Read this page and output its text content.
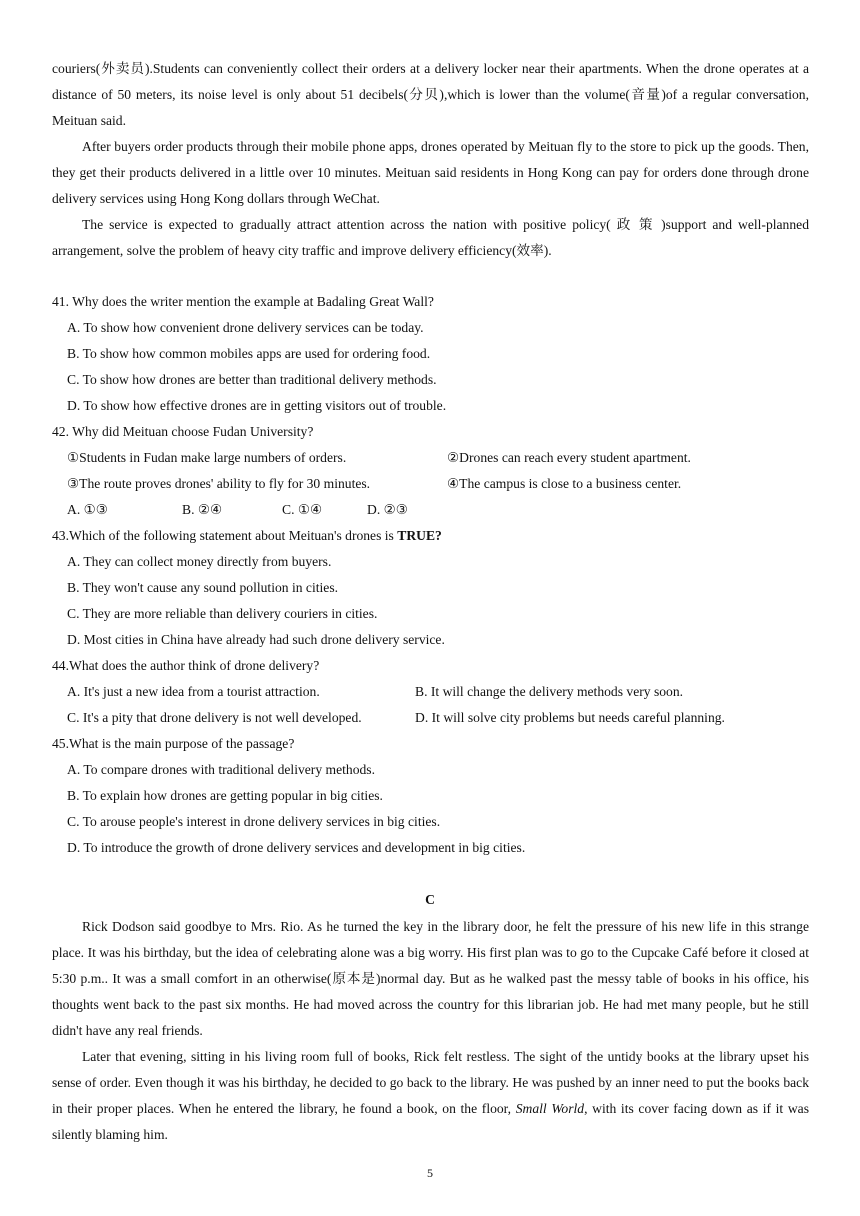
couriers(外卖员).Students can conveniently collect their orders at a delivery locker near their apartments. When the drone operates at a distance of 50 meters, its noise level is only about 51 decibels(分贝),which is lower than the volume(音量)of a regular conversation, Meituan said.

After buyers order products through their mobile phone apps, drones operated by Meituan fly to the store to pick up the goods. Then, they get their products delivered in a little over 10 minutes. Meituan said residents in Hong Kong can pay for orders done through drone delivery services using Hong Kong dollars through WeChat.

The service is expected to gradually attract attention across the nation with positive policy( 政 策 )support and well-planned arrangement, solve the problem of heavy city traffic and improve delivery efficiency(效率).

41. Why does the writer mention the example at Badaling Great Wall?
A. To show how convenient drone delivery services can be today.
B. To show how common mobiles apps are used for ordering food.
C. To show how drones are better than traditional delivery methods.
D. To show how effective drones are in getting visitors out of trouble.
42. Why did Meituan choose Fudan University?
①Students in Fudan make large numbers of orders.	②Drones can reach every student apartment.
③The route proves drones' ability to fly for 30 minutes.	④The campus is close to a business center.
A. ①③	B. ②④	C. ①④	D. ②③
43.Which of the following statement about Meituan's drones is TRUE?
A. They can collect money directly from buyers.
B. They won't cause any sound pollution in cities.
C. They are more reliable than delivery couriers in cities.
D. Most cities in China have already had such drone delivery service.
44.What does the author think of drone delivery?
A. It's just a new idea from a tourist attraction.	B. It will change the delivery methods very soon.
C. It's a pity that drone delivery is not well developed.	D. It will solve city problems but needs careful planning.
45.What is the main purpose of the passage?
A. To compare drones with traditional delivery methods.
B. To explain how drones are getting popular in big cities.
C. To arouse people's interest in drone delivery services in big cities.
D. To introduce the growth of drone delivery services and development in big cities.
C

Rick Dodson said goodbye to Mrs. Rio. As he turned the key in the library door, he felt the pressure of his new life in this strange place. It was his birthday, but the idea of celebrating alone was a big worry. His first plan was to go to the Cupcake Café before it closed at 5:30 p.m.. It was a small comfort in an otherwise(原本是)normal day. But as he walked past the messy table of books in his office, his thoughts went back to the past six months. He had moved across the country for this librarian job. He had met many people, but he still didn't have any real friends.

Later that evening, sitting in his living room full of books, Rick felt restless. The sight of the untidy books at the library upset his sense of order. Even though it was his birthday, he decided to go back to the library. He was pushed by an inner need to put the books back in their proper places. When he entered the library, he found a book, on the floor, Small World, with its cover facing down as if it was silently blaming him.

5
